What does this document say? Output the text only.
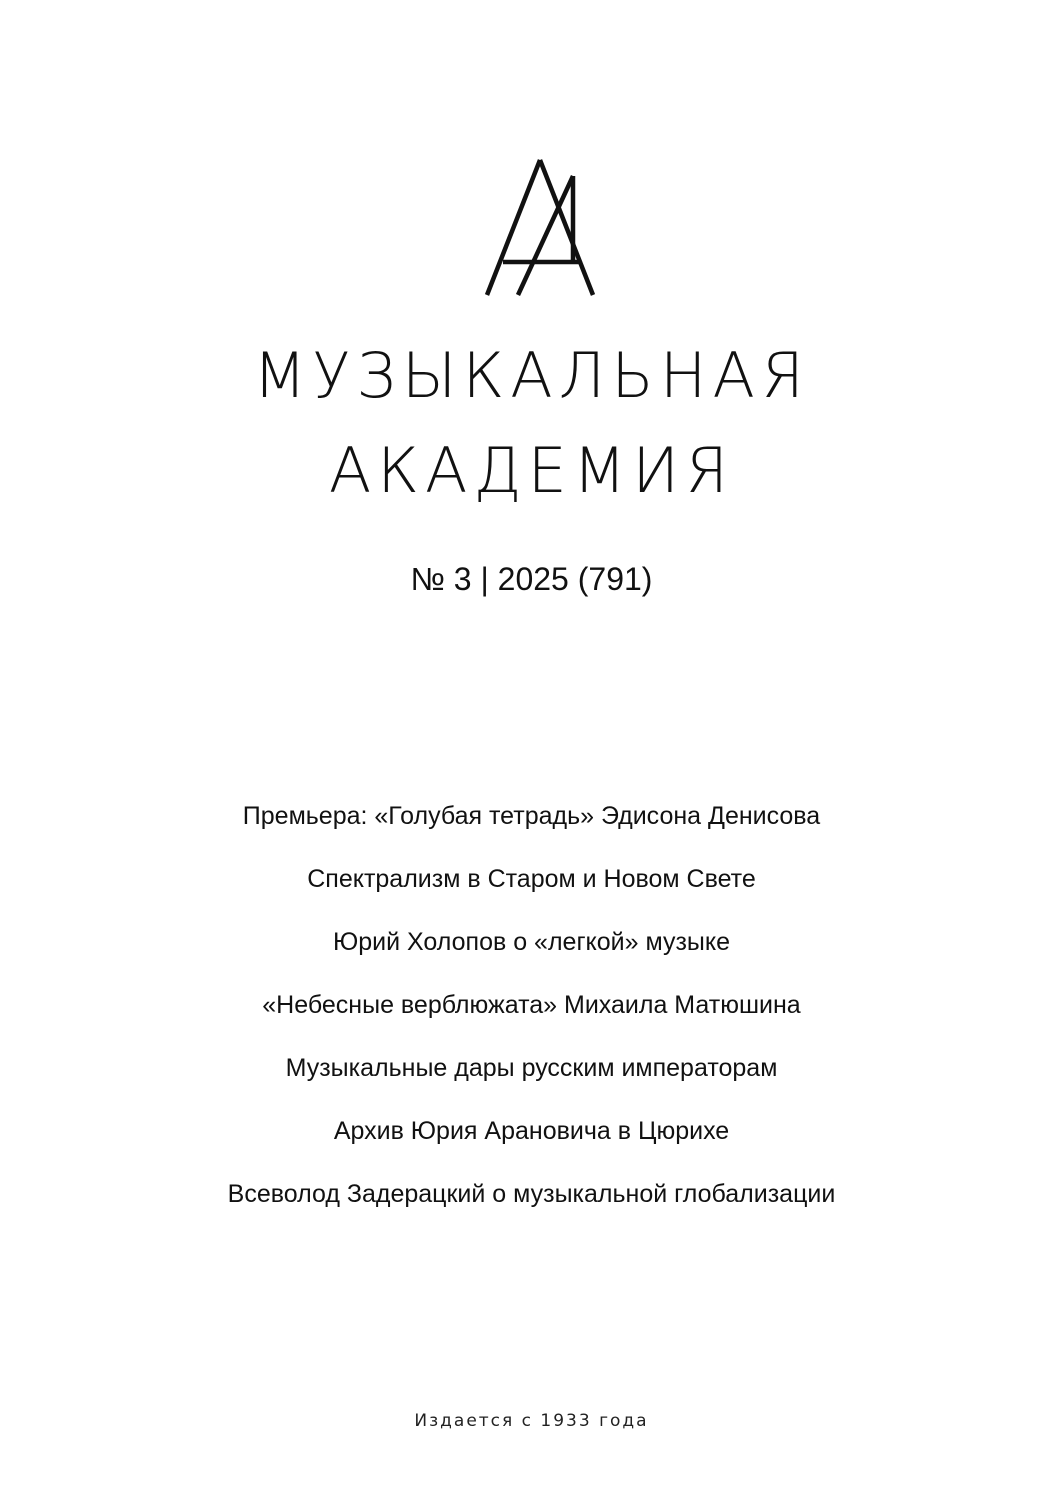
МУЗЫКАЛЬНАЯ
АКАДЕМИЯ

№ 3 | 2025 (791)

Премьера: «Голубая тетрадь» Эдисона Денисова
Спектрализм в Старом и Новом Свете
Юрий Холопов о «легкой» музыке
«Небесные верблюжата» Михаила Матюшина
Музыкальные дары русским императорам
Архив Юрия Арановича в Цюрихе
Всеволод Задерацкий о музыкальной глобализации
Издается с 1933 года
